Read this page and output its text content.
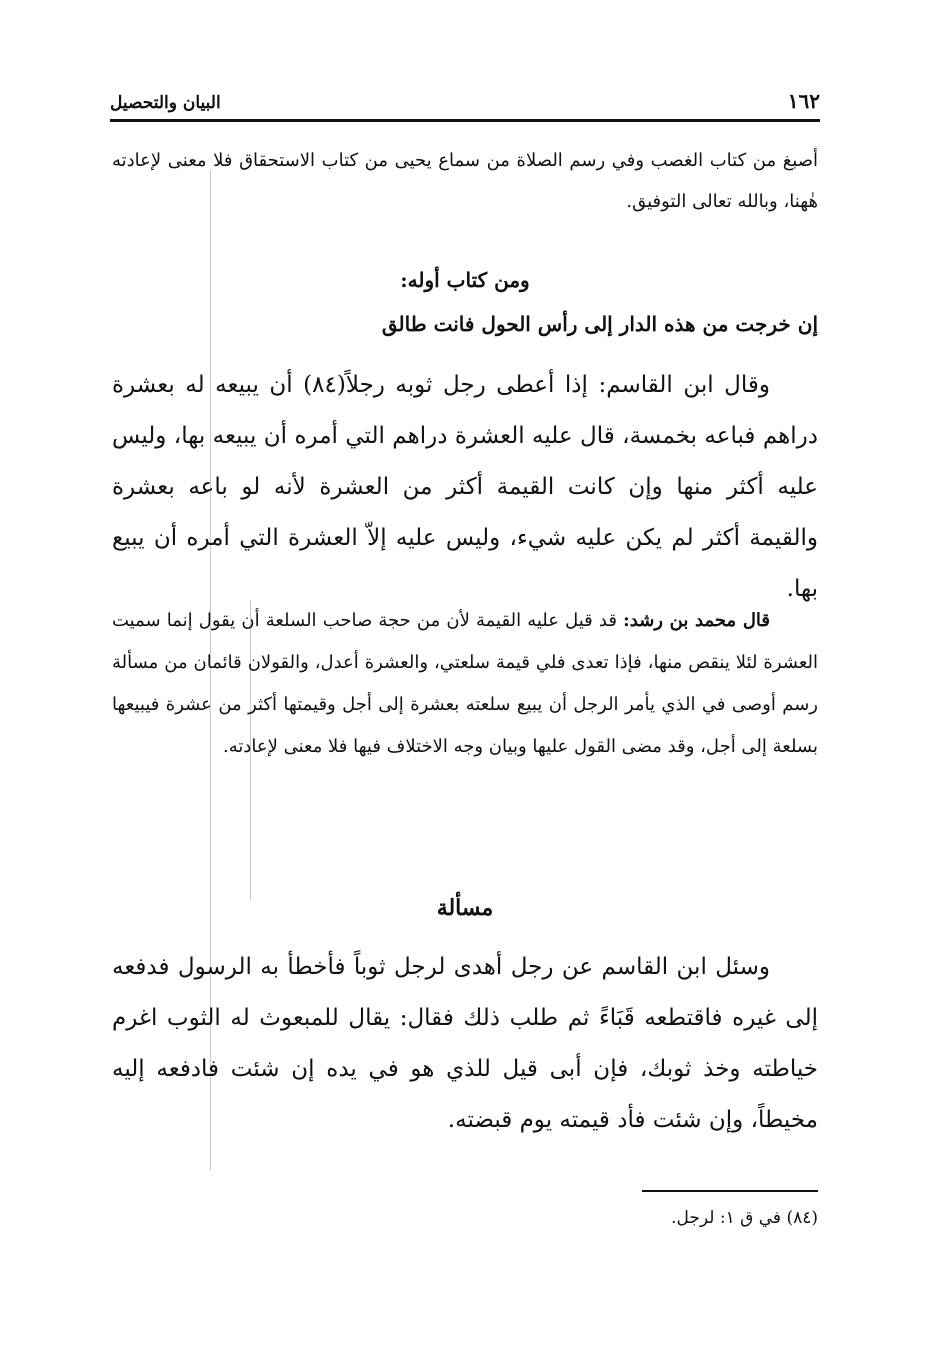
١٦٢
البيان والتحصيل

أصبغ من كتاب الغصب وفي رسم الصلاة من سماع يحيى من كتاب الاستحقاق فلا معنى لإعادته هٰهنا، وبالله تعالى التوفيق.

ومن كتاب أوله:
إن خرجت من هذه الدار إلى رأس الحول فانت طالق

وقال ابن القاسم: إذا أعطى رجل ثوبه رجلاً(٨٤) أن يبيعه له بعشرة دراهم فباعه بخمسة، قال عليه العشرة دراهم التي أمره أن يبيعه بها، وليس عليه أكثر منها وإن كانت القيمة أكثر من العشرة لأنه لو باعه بعشرة والقيمة أكثر لم يكن عليه شيء، وليس عليه إلاّ العشرة التي أمره أن يبيع بها.

قال محمد بن رشد: قد قيل عليه القيمة لأن من حجة صاحب السلعة أن يقول إنما سميت العشرة لئلا ينقص منها، فإذا تعدى فلي قيمة سلعتي، والعشرة أعدل، والقولان قائمان من مسألة رسم أوصى في الذي يأمر الرجل أن يبيع سلعته بعشرة إلى أجل وقيمتها أكثر من عشرة فيبيعها بسلعة إلى أجل، وقد مضى القول عليها وبيان وجه الاختلاف فيها فلا معنى لإعادته.

مسألة

وسئل ابن القاسم عن رجل أهدى لرجل ثوباً فأخطأ به الرسول فدفعه إلى غيره فاقتطعه قَبَاءً ثم طلب ذلك فقال: يقال للمبعوث له الثوب اغرم خياطته وخذ ثوبك، فإن أبى قيل للذي هو في يده إن شئت فادفعه إليه مخيطاً، وإن شئت فأد قيمته يوم قبضته.

(٨٤) في ق ١: لرجل.
